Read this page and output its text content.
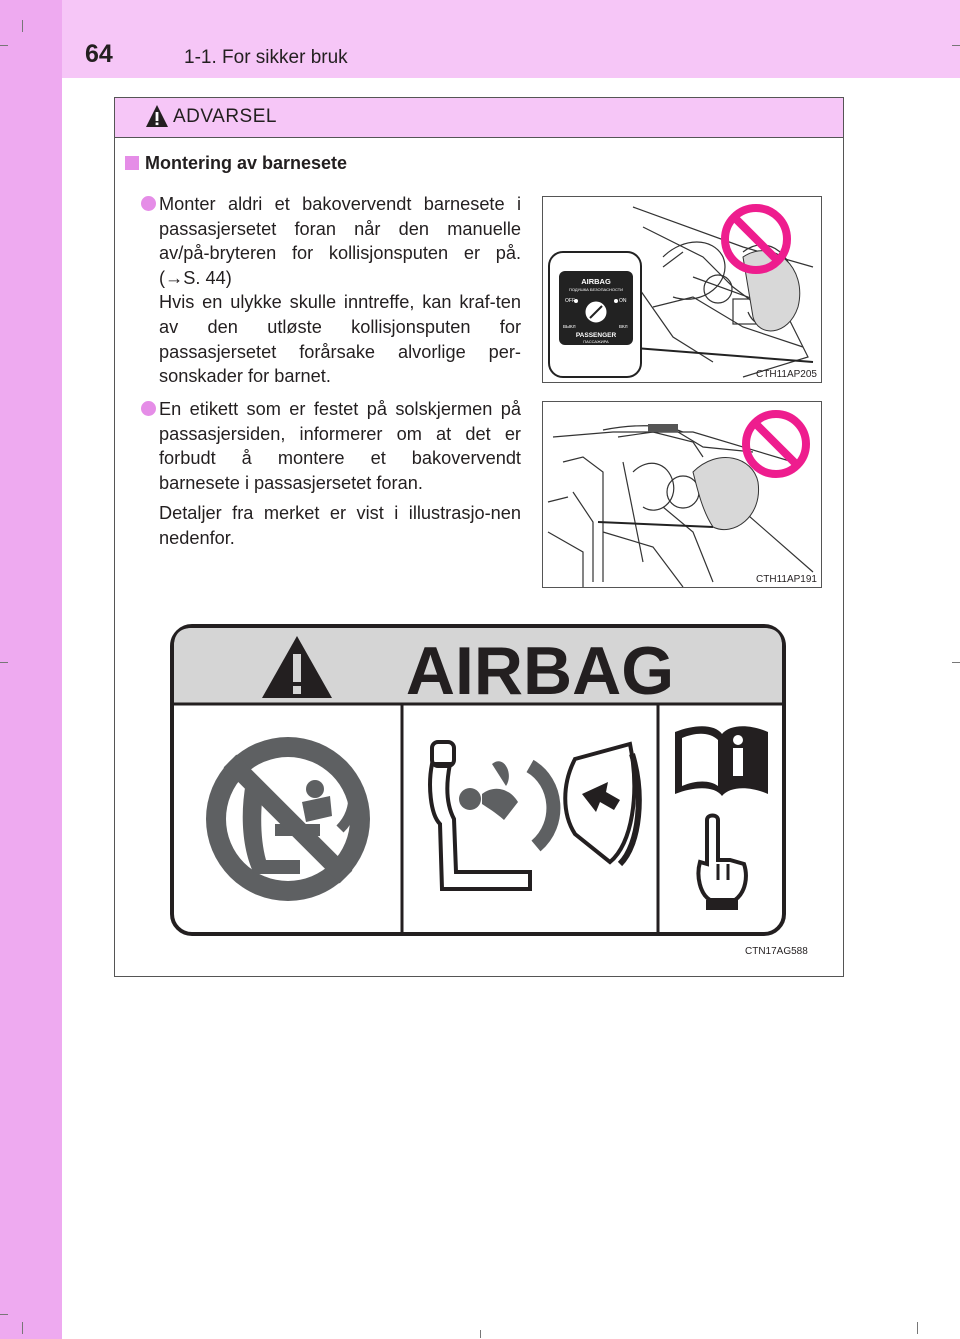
64	1-1. For sikker bruk
ADVARSEL
Montering av barnesete

Monter aldri et bakovervendt barnesete i passasjersetet foran når den manuelle av/på-bryteren for kollisjonsputen er på. (→S. 44)

Hvis en ulykke skulle inntreffe, kan kraf-ten av den utløste kollisjonsputen for passasjersetet forårsake alvorlige per-sonskader for barnet.

En etikett som er festet på solskjermen på passasjersiden, informerer om at det er forbudt å montere et bakovervendt barnesete i passasjersetet foran.

Detaljer fra merket er vist i illustrasjo-nen nedenfor.

AIRBAG
ПОДУШКА БЕЗОПАСНОСТИ
OFF	ON
ВЫКЛ	ВКЛ
PASSENGER
ПАССАЖИРА
CTH11AP205
CTH11AP191
AIRBAG
CTN17AG588
